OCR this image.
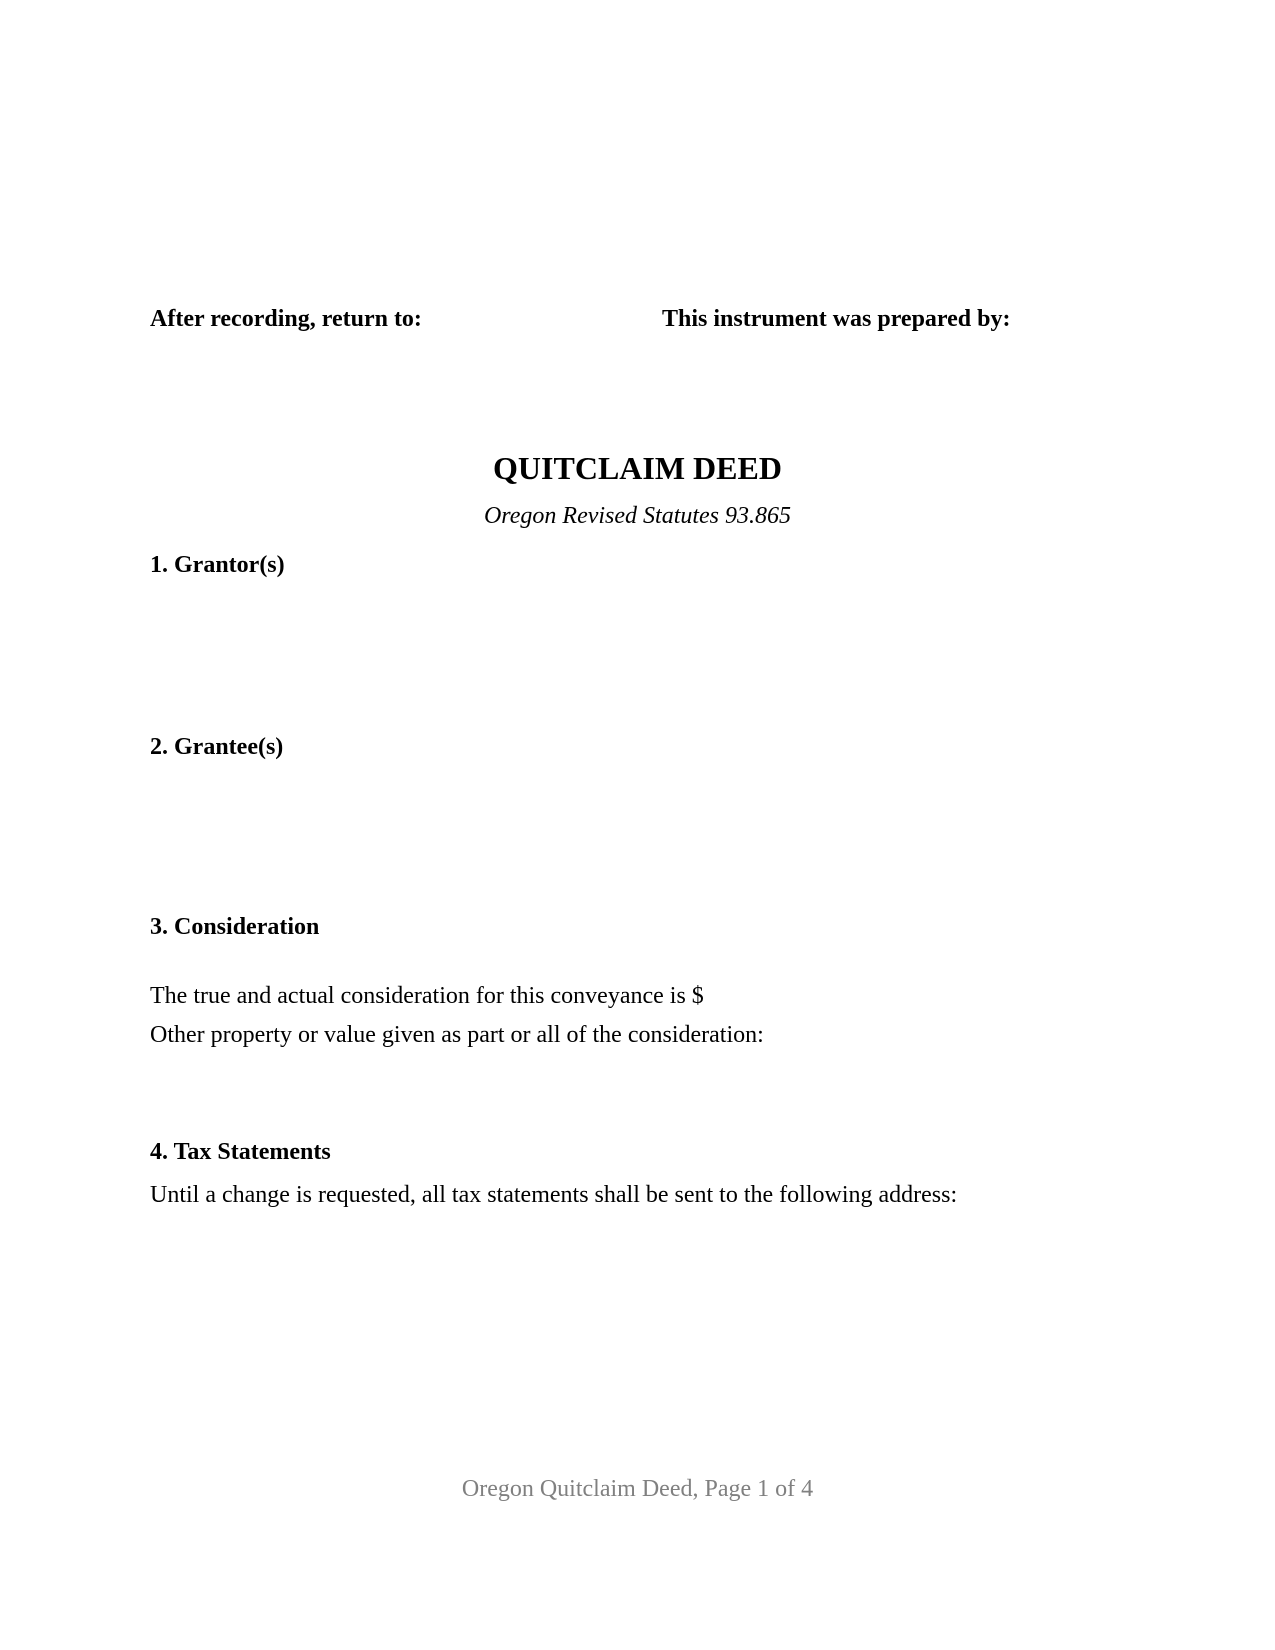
After recording, return to:	This instrument was prepared by:
QUITCLAIM DEED
Oregon Revised Statutes 93.865
1. Grantor(s)
2. Grantee(s)
3. Consideration
The true and actual consideration for this conveyance is $
Other property or value given as part or all of the consideration:
4. Tax Statements
Until a change is requested, all tax statements shall be sent to the following address:
Oregon Quitclaim Deed, Page 1 of 4
